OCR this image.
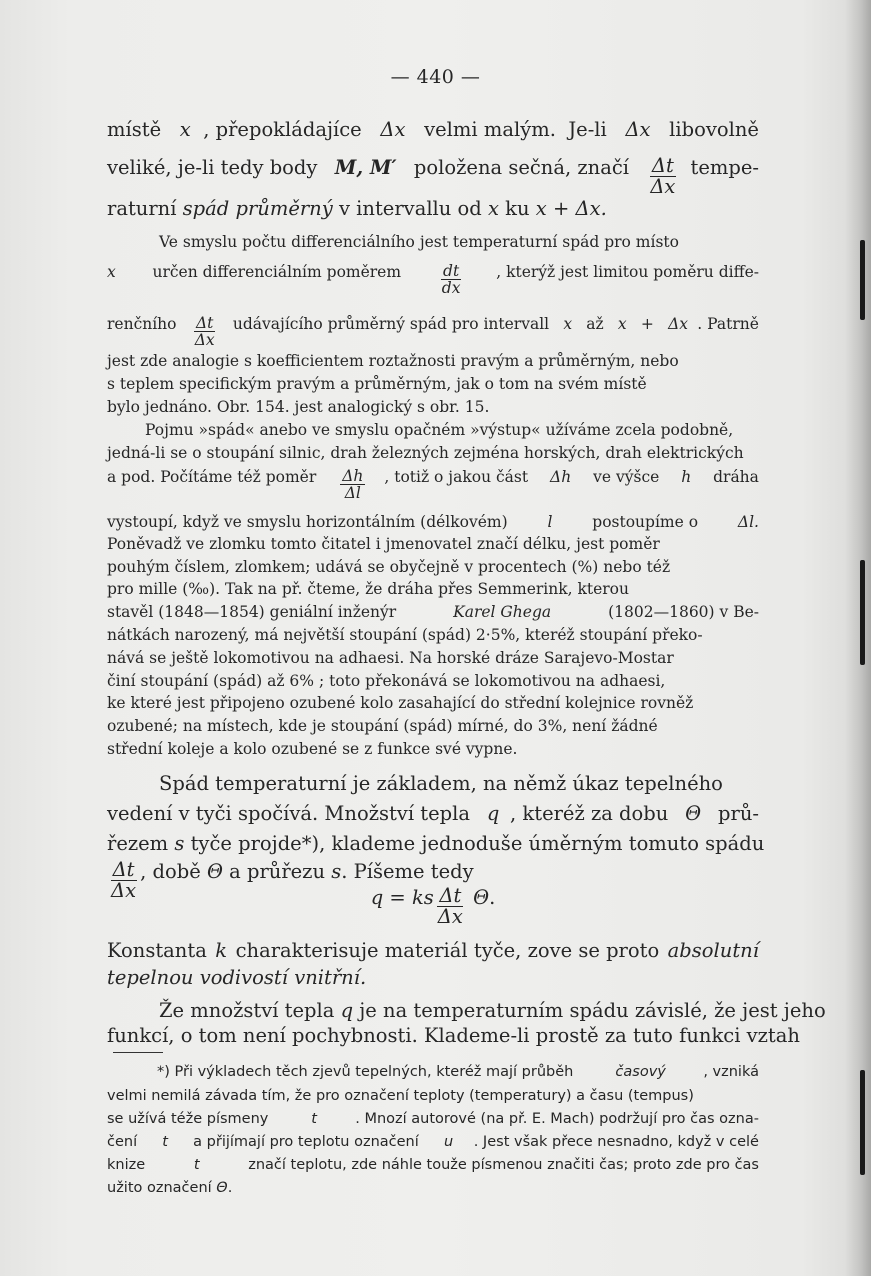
— 440 —
místě x , přepokládajíce Δx velmi malým. Je-li Δx libovolně
veliké, je-li tedy body M, M′ položena sečná, značí $\frac{\Delta t}{\Delta x}$ tempe-
raturní spád průměrný v intervallu od x ku x + Δx.
Ve smyslu počtu differenciálního jest temperaturní spád pro místo
x určen differenciálním poměrem $\frac{dt}{dx}$ , kterýž jest limitou poměru diffe-
renčního $\frac{\Delta t}{\Delta x}$ udávajícího průměrný spád pro intervall x až x + Δx . Patrně
jest zde analogie s koefficientem roztažnosti pravým a průměrným, nebo
s teplem specifickým pravým a průměrným, jak o tom na svém místě
bylo jednáno. Obr. 154. jest analogický s obr. 15.
Pojmu »spád« anebo ve smyslu opačném »výstup« užíváme zcela podobně,
jedná-li se o stoupání silnic, drah železných zejména horských, drah elektrických
a pod. Počítáme též poměr $\frac{\Delta h}{\Delta l}$ , totiž o jakou část Δh ve výšce h dráha
vystoupí, když ve smyslu horizontálním (délkovém) l postoupíme o Δl.
Poněvadž ve zlomku tomto čitatel i jmenovatel značí délku, jest poměr
pouhým číslem, zlomkem; udává se obyčejně v procentech (%) nebo též
pro mille (‰). Tak na př. čteme, že dráha přes Semmerink, kterou
stavěl (1848—1854) geniální inženýr	Karel Ghega	(1802—1860) v Be-
nátkách narozený, má největší stoupání (spád) 2·5%, kteréž stoupání překo-
nává se ještě lokomotivou na adhaesi. Na horské dráze Sarajevo-Mostar
činí stoupání (spád) až 6% ; toto překonává se lokomotivou na adhaesi,
ke které jest připojeno ozubené kolo zasahající do střední kolejnice rovněž
ozubené; na místech, kde je stoupání (spád) mírné, do 3%, není žádné
střední koleje a kolo ozubené se z funkce své vypne.
Spád temperaturní je základem, na němž úkaz tepelného
vedení v tyči spočívá. Množství tepla q , kteréž za dobu Θ prů-
řezem s tyče projde*), klademe jednoduše úměrným tomuto spádu
$\frac{\Delta t}{\Delta x}$ , době Θ a průřezu s . Píšeme tedy
q = ks $\frac{\Delta t}{\Delta x}$
Θ .
Konstanta k charakterisuje materiál tyče, zove se proto absolutní
tepelnou vodivostí vnitřní.
Že množství tepla q je na temperaturním spádu závislé, že jest jeho
funkcí, o tom není pochybnosti. Klademe-li prostě za tuto funkci vztah
*) Při výkladech těch zjevů tepelných, kteréž mají průběh	časový	, vzniká
velmi nemilá závada tím, že pro označení teploty (temperatury) a času (tempus)
se užívá téže písmeny	t	. Mnozí autorové (na př. E. Mach) podržují pro čas ozna-
čení t a přijímají pro teplotu označení u . Jest však přece nesnadno, když v celé
knize	t	značí teplotu, zde náhle touže písmenou značiti čas; proto zde pro čas
užito označení Θ .
